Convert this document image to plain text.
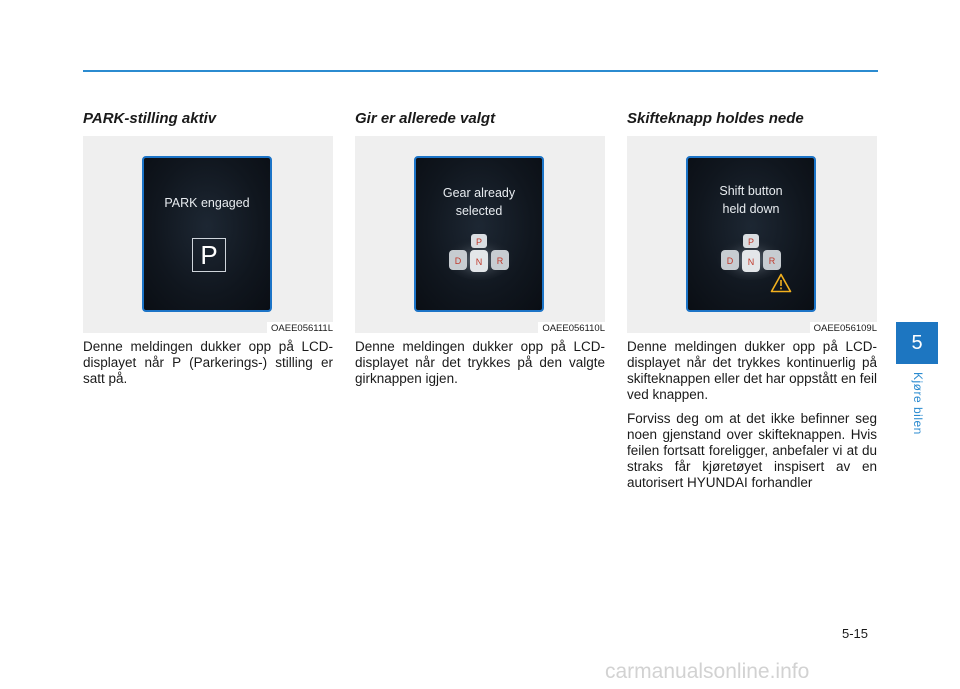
PARK-stilling aktiv
PARK engaged
P
OAEE056111L

Denne meldingen dukker opp på LCD-displayet når P (Parkerings-) stilling er satt på.

Gir er allerede valgt
Gear already
selected
P
D N R
OAEE056110L

Denne meldingen dukker opp på LCD-displayet når det trykkes på den valgte girknappen igjen.

Skifteknapp holdes nede
Shift button
held down
P
D N R
OAEE056109L

Denne meldingen dukker opp på LCD-displayet når det trykkes kontinuerlig på skifteknappen eller det har oppstått en feil ved knappen.

Forviss deg om at det ikke befinner seg noen gjenstand over skifteknappen. Hvis feilen fortsatt foreligger, anbefaler vi at du straks får kjøretøyet inspisert av en autorisert HYUNDAI forhandler

5
Kjøre bilen
5-15
carmanualsonline.info
